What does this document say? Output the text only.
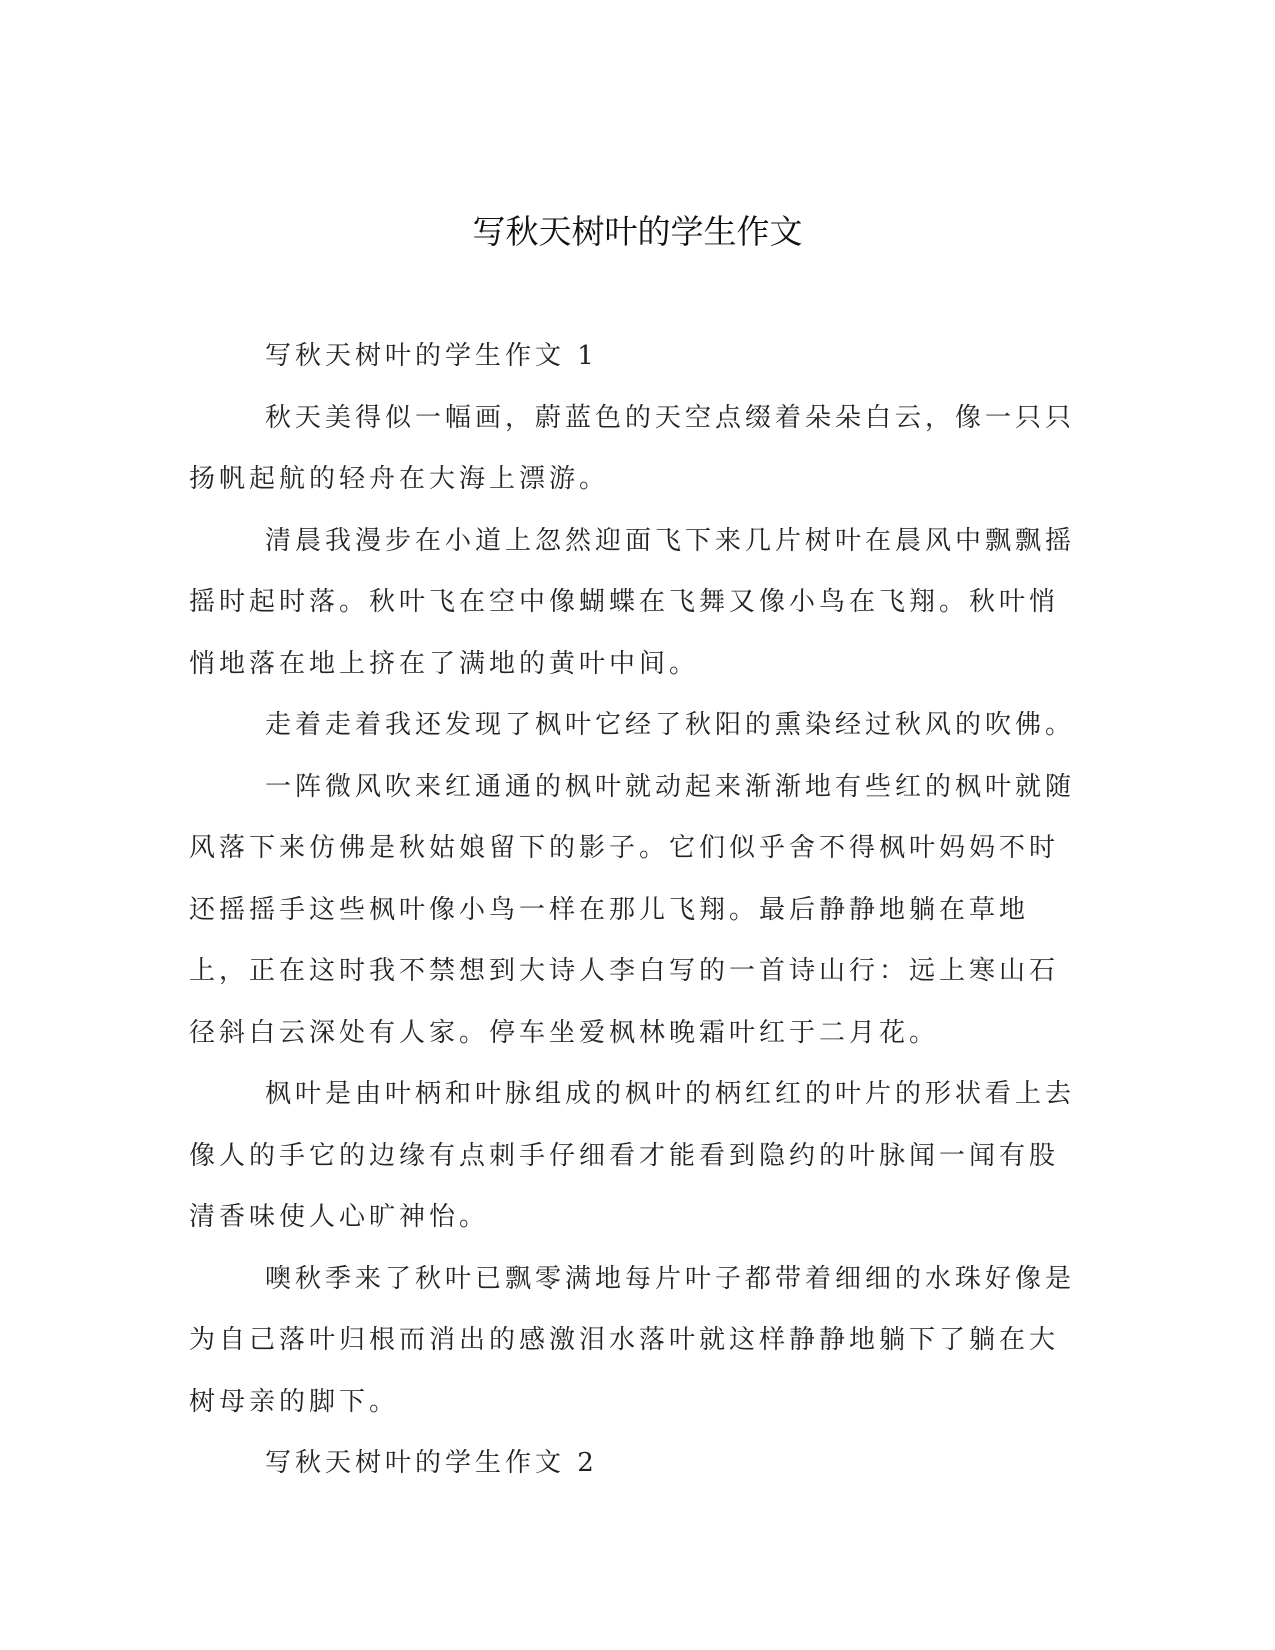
写秋天树叶的学生作文

写秋天树叶的学生作文 1

秋天美得似一幅画，蔚蓝色的天空点缀着朵朵白云，像一只只扬帆起航的轻舟在大海上漂游。

清晨我漫步在小道上忽然迎面飞下来几片树叶在晨风中飘飘摇摇时起时落。秋叶飞在空中像蝴蝶在飞舞又像小鸟在飞翔。秋叶悄悄地落在地上挤在了满地的黄叶中间。

走着走着我还发现了枫叶它经了秋阳的熏染经过秋风的吹佛。

一阵微风吹来红通通的枫叶就动起来渐渐地有些红的枫叶就随风落下来仿佛是秋姑娘留下的影子。它们似乎舍不得枫叶妈妈不时还摇摇手这些枫叶像小鸟一样在那儿飞翔。最后静静地躺在草地上，正在这时我不禁想到大诗人李白写的一首诗山行：远上寒山石径斜白云深处有人家。停车坐爱枫林晚霜叶红于二月花。

枫叶是由叶柄和叶脉组成的枫叶的柄红红的叶片的形状看上去像人的手它的边缘有点刺手仔细看才能看到隐约的叶脉闻一闻有股清香味使人心旷神怡。

噢秋季来了秋叶已飘零满地每片叶子都带着细细的水珠好像是为自己落叶归根而消出的感激泪水落叶就这样静静地躺下了躺在大树母亲的脚下。

写秋天树叶的学生作文 2
